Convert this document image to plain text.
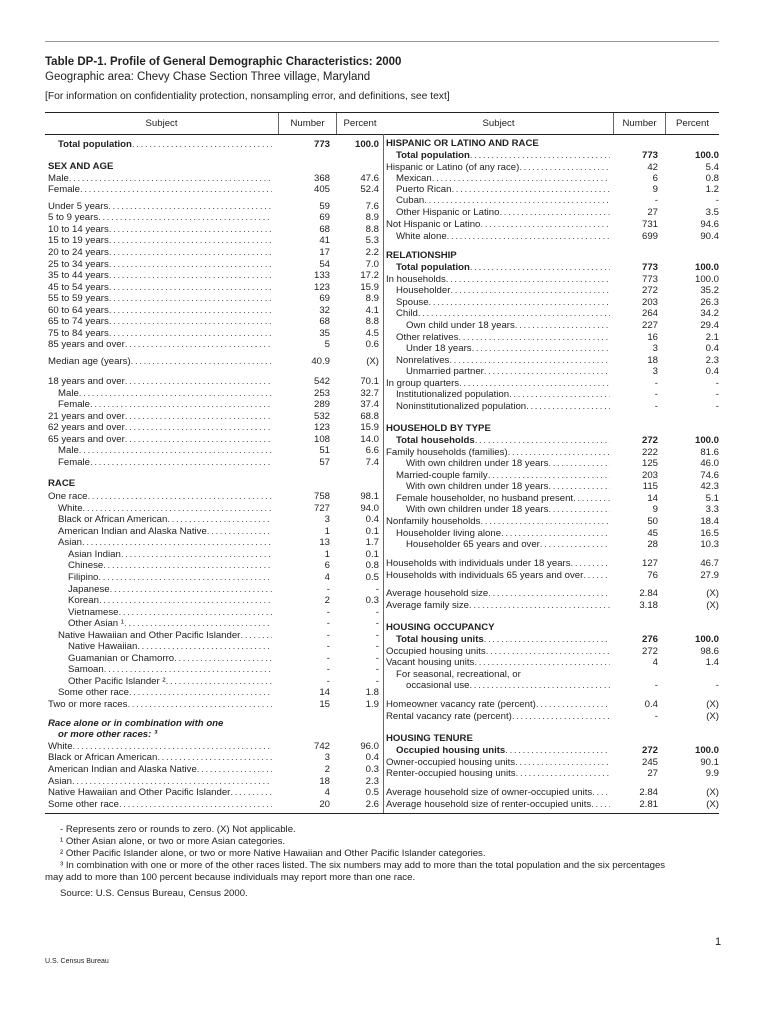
Table DP-1. Profile of General Demographic Characteristics: 2000
Geographic area: Chevy Chase Section Three village, Maryland
[For information on confidentiality protection, nonsampling error, and definitions, see text]
Subject	Number	Percent	Subject	Number	Percent
Total population . . .	773	100.0
SEX AND AGE
Male . . .	368	47.6
Female . . .	405	52.4
Under 5 years . . .	59	7.6
5 to 9 years . . .	69	8.9
10 to 14 years . . .	68	8.8
15 to 19 years . . .	41	5.3
20 to 24 years . . .	17	2.2
25 to 34 years . . .	54	7.0
35 to 44 years . . .	133	17.2
45 to 54 years . . .	123	15.9
55 to 59 years . . .	69	8.9
60 to 64 years . . .	32	4.1
65 to 74 years . . .	68	8.8
75 to 84 years . . .	35	4.5
85 years and over . . .	5	0.6
Median age (years) . . .	40.9	(X)
18 years and over . . .	542	70.1
Male . . .	253	32.7
Female . . .	289	37.4
21 years and over . . .	532	68.8
62 years and over . . .	123	15.9
65 years and over . . .	108	14.0
Male . . .	51	6.6
Female . . .	57	7.4
RACE
One race . . .	758	98.1
White . . .	727	94.0
Black or African American . . .	3	0.4
American Indian and Alaska Native . . .	1	0.1
Asian . . .	13	1.7
Asian Indian . . .	1	0.1
Chinese . . .	6	0.8
Filipino . . .	4	0.5
Japanese . . .	-	-
Korean . . .	2	0.3
Vietnamese . . .	-	-
Other Asian ¹ . . .	-	-
Native Hawaiian and Other Pacific Islander . . .	-	-
Native Hawaiian . . .	-	-
Guamanian or Chamorro . . .	-	-
Samoan . . .	-	-
Other Pacific Islander ² . . .	-	-
Some other race . . .	14	1.8
Two or more races . . .	15	1.9
Race alone or in combination with one
or more other races: ³
White . . .	742	96.0
Black or African American . . .	3	0.4
American Indian and Alaska Native . . .	2	0.3
Asian . . .	18	2.3
Native Hawaiian and Other Pacific Islander . . .	4	0.5
Some other race . . .	20	2.6
HISPANIC OR LATINO AND RACE
Total population . . .	773	100.0
Hispanic or Latino (of any race) . . .	42	5.4
Mexican . . .	6	0.8
Puerto Rican . . .	9	1.2
Cuban . . .	-	-
Other Hispanic or Latino . . .	27	3.5
Not Hispanic or Latino . . .	731	94.6
White alone . . .	699	90.4
RELATIONSHIP
Total population . . .	773	100.0
In households . . .	773	100.0
Householder . . .	272	35.2
Spouse . . .	203	26.3
Child . . .	264	34.2
Own child under 18 years . . .	227	29.4
Other relatives . . .	16	2.1
Under 18 years . . .	3	0.4
Nonrelatives . . .	18	2.3
Unmarried partner . . .	3	0.4
In group quarters . . .	-	-
Institutionalized population . . .	-	-
Noninstitutionalized population . . .	-	-
HOUSEHOLD BY TYPE
Total households . . .	272	100.0
Family households (families) . . .	222	81.6
With own children under 18 years . . .	125	46.0
Married-couple family . . .	203	74.6
With own children under 18 years . . .	115	42.3
Female householder, no husband present . . .	14	5.1
With own children under 18 years . . .	9	3.3
Nonfamily households . . .	50	18.4
Householder living alone . . .	45	16.5
Householder 65 years and over . . .	28	10.3
Households with individuals under 18 years . . .	127	46.7
Households with individuals 65 years and over . . .	76	27.9
Average household size . . .	2.84	(X)
Average family size . . .	3.18	(X)
HOUSING OCCUPANCY
Total housing units . . .	276	100.0
Occupied housing units . . .	272	98.6
Vacant housing units . . .	4	1.4
For seasonal, recreational, or
occasional use . . .	-	-
Homeowner vacancy rate (percent) . . .	0.4	(X)
Rental vacancy rate (percent) . . .	-	(X)
HOUSING TENURE
Occupied housing units . . .	272	100.0
Owner-occupied housing units . . .	245	90.1
Renter-occupied housing units . . .	27	9.9
Average household size of owner-occupied units . . .	2.84	(X)
Average household size of renter-occupied units . . .	2.81	(X)
- Represents zero or rounds to zero. (X) Not applicable.
¹ Other Asian alone, or two or more Asian categories.
² Other Pacific Islander alone, or two or more Native Hawaiian and Other Pacific Islander categories.
³ In combination with one or more of the other races listed. The six numbers may add to more than the total population and the six percentages
may add to more than 100 percent because individuals may report more than one race.
Source: U.S. Census Bureau, Census 2000.
1
U.S. Census Bureau
